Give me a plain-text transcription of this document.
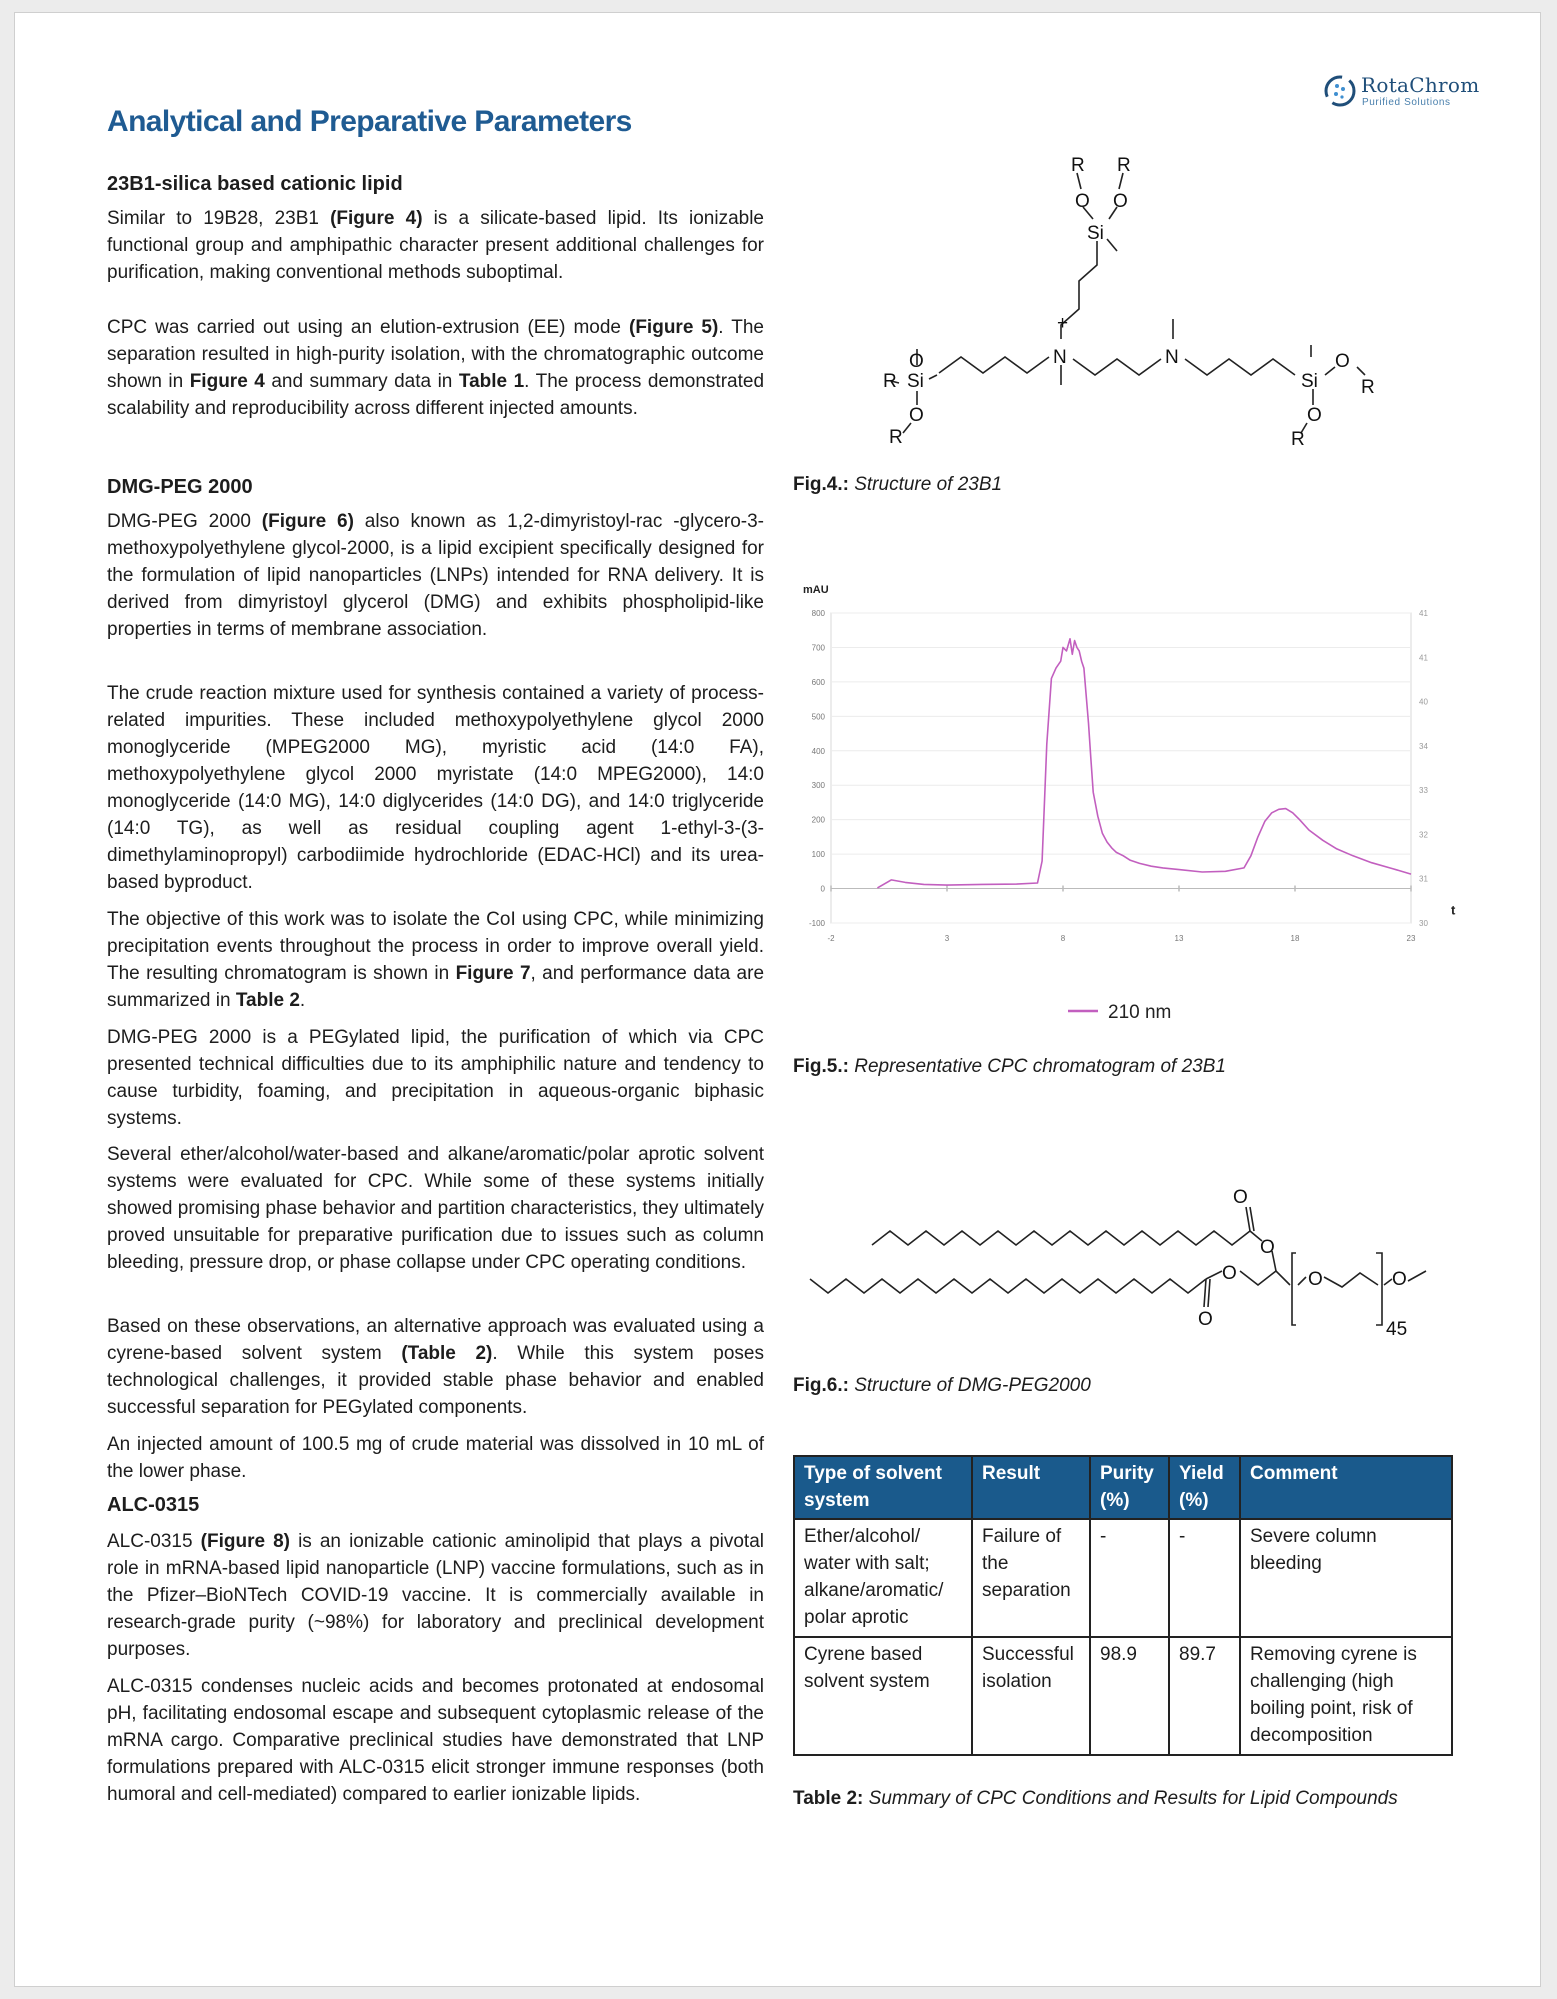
RotaChrom
Purified Solutions
Analytical and Preparative Parameters
23B1-silica based cationic lipid
Similar to 19B28, 23B1 (Figure 4) is a silicate-based lipid. Its ionizable functional group and amphipathic character present additional challenges for purification, making conventional methods suboptimal.
CPC was carried out using an elution-extrusion (EE) mode (Figure 5). The separation resulted in high-purity isolation, with the chromatographic outcome shown in Figure 4 and summary data in Table 1. The process demonstrated scalability and reproducibility across different injected amounts.
DMG-PEG 2000
DMG-PEG 2000 (Figure 6) also known as 1,2-dimyristoyl-rac -glycero-3-methoxypolyethylene glycol-2000, is a lipid excipient specifically designed for the formulation of lipid nanoparticles (LNPs) intended for RNA delivery. It is derived from dimyristoyl glycerol (DMG) and exhibits phospholipid-like properties in terms of membrane association.
The crude reaction mixture used for synthesis contained a variety of process-related impurities. These included methoxypolyethylene glycol 2000 monoglyceride (MPEG2000 MG), myristic acid (14:0 FA), methoxypolyethylene glycol 2000 myristate (14:0 MPEG2000), 14:0 monoglyceride (14:0 MG), 14:0 diglycerides (14:0 DG), and 14:0 triglyceride (14:0 TG), as well as residual coupling agent 1-ethyl-3-(3-dimethylaminopropyl) carbodiimide hydrochloride (EDAC-HCl) and its urea-based byproduct.
The objective of this work was to isolate the CoI using CPC, while minimizing precipitation events throughout the process in order to improve overall yield. The resulting chromatogram is shown in Figure 7, and performance data are summarized in Table 2.
DMG-PEG 2000 is a PEGylated lipid, the purification of which via CPC presented technical difficulties due to its amphiphilic nature and tendency to cause turbidity, foaming, and precipitation in aqueous-organic biphasic systems.
Several ether/alcohol/water-based and alkane/aromatic/polar aprotic solvent systems were evaluated for CPC. While some of these systems initially showed promising phase behavior and partition characteristics, they ultimately proved unsuitable for preparative purification due to issues such as column bleeding, pressure drop, or phase collapse under CPC operating conditions.
Based on these observations, an alternative approach was evaluated using a cyrene-based solvent system (Table 2). While this system poses technological challenges, it provided stable phase behavior and enabled successful separation for PEGylated components.
An injected amount of 100.5 mg of crude material was dissolved in 10 mL of the lower phase.
ALC-0315
ALC-0315 (Figure 8) is an ionizable cationic aminolipid that plays a pivotal role in mRNA-based lipid nanoparticle (LNP) vaccine formulations, such as in the Pfizer–BioNTech COVID-19 vaccine. It is commercially available in research-grade purity (~98%) for laboratory and preclinical development purposes.
ALC-0315 condenses nucleic acids and becomes protonated at endosomal pH, facilitating endosomal escape and subsequent cytoplasmic release of the mRNA cargo. Comparative preclinical studies have demonstrated that LNP formulations prepared with ALC-0315 elicit stronger immune responses (both humoral and cell-mediated) compared to earlier ionizable lipids.
R R
O O
Si
+
N	N
Si
R
O
O
R
Si
O
R
O
R
Fig.4.: Structure of 23B1
-100
0
100
200
300
400
500
600
700
800
-2	3	8	13	18	23
30
31
32
33
34
40
41
41
mAU
t
210 nm
Fig.5.: Representative CPC chromatogram of 23B1
O
O
O
O	O	O
45
Fig.6.: Structure of DMG-PEG2000
Type of solvent system	Result	Purity (%)	Yield (%)	Comment
Ether/alcohol/ water with salt; alkane/aromatic/ polar aprotic	Failure of the separation	-	-	Severe column bleeding
Cyrene based solvent system	Successful isolation	98.9	89.7	Removing cyrene is challenging (high boiling point, risk of decomposition
Table 2: Summary of CPC Conditions and Results for Lipid Compounds
